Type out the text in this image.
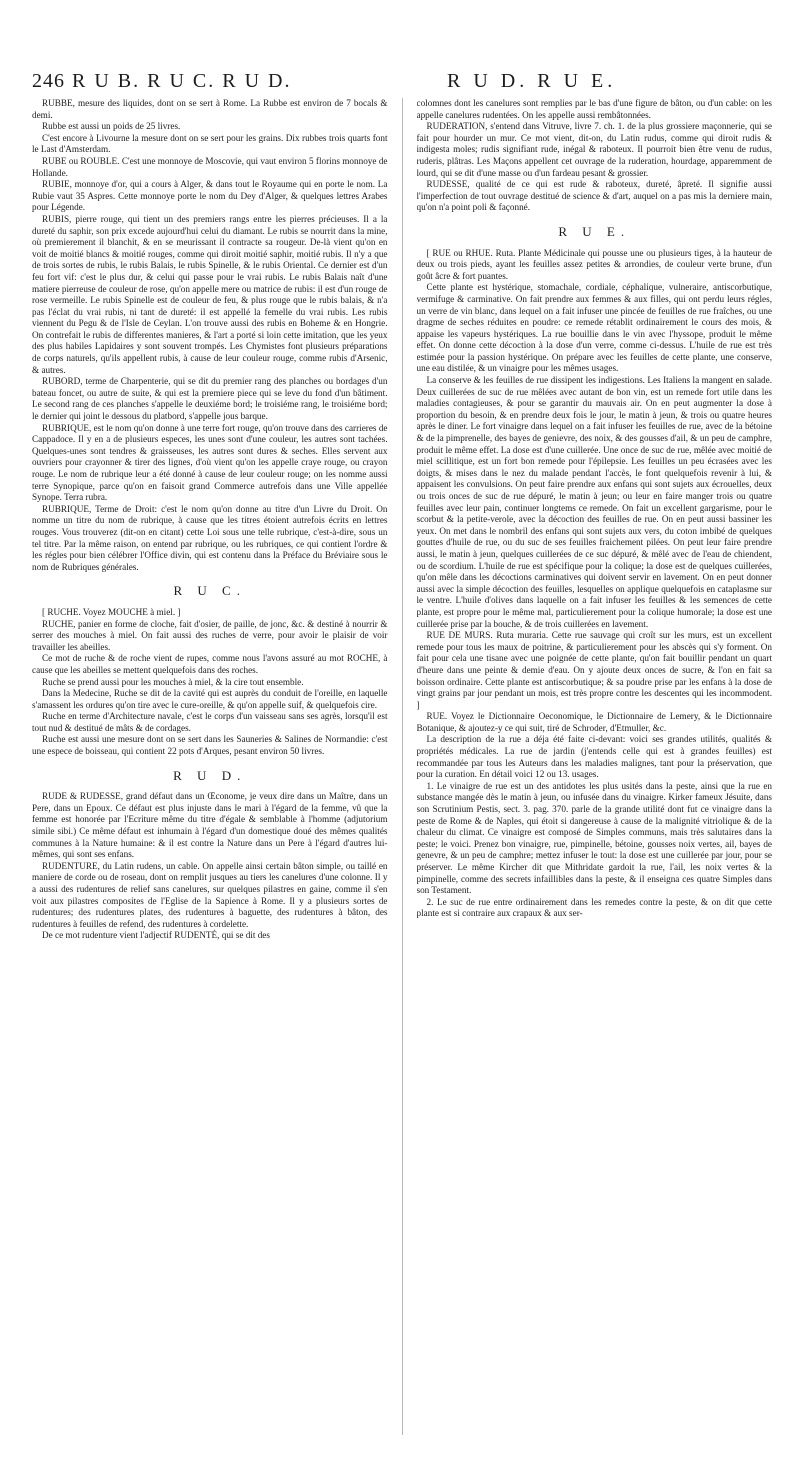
246 R U B. R U C. R U D.	R U D. R U E.

RUBBE, mesure des liquides, dont on se sert à Rome. La Rubbe est environ de 7 bocals & demi.

Rubbe est aussi un poids de 25 livres.

C'est encore à Livourne la mesure dont on se sert pour les grains. Dix rubbes trois quarts font le Last d'Amsterdam.

RUBE ou ROUBLE. C'est une monnoye de Moscovie, qui vaut environ 5 florins monnoye de Hollande.

RUBIE, monnoye d'or, qui a cours à Alger, & dans tout le Royaume qui en porte le nom. La Rubie vaut 35 Aspres. Cette monnoye porte le nom du Dey d'Alger, & quelques lettres Arabes pour Légende.

RUBIS, pierre rouge, qui tient un des premiers rangs entre les pierres précieuses. Il a la dureté du saphir, son prix excede aujourd'hui celui du diamant. Le rubis se nourrit dans la mine, où premierement il blanchit, & en se meurissant il contracte sa rougeur. De-là vient qu'on en voit de moitié blancs & moitié rouges, comme qui diroit moitié saphir, moitié rubis. Il n'y a que de trois sortes de rubis, le rubis Balais, le rubis Spinelle, & le rubis Oriental. Ce dernier est d'un feu fort vif: c'est le plus dur, & celui qui passe pour le vrai rubis. Le rubis Balais naît d'une matiere pierreuse de couleur de rose, qu'on appelle mere ou matrice de rubis: il est d'un rouge de rose vermeille. Le rubis Spinelle est de couleur de feu, & plus rouge que le rubis balais, & n'a pas l'éclat du vrai rubis, ni tant de dureté: il est appellé la femelle du vrai rubis. Les rubis viennent du Pegu & de l'Isle de Ceylan. L'on trouve aussi des rubis en Boheme & en Hongrie. On contrefait le rubis de differentes manieres, & l'art a porté si loin cette imitation, que les yeux des plus habiles Lapidaires y sont souvent trompés. Les Chymistes font plusieurs préparations de corps naturels, qu'ils appellent rubis, à cause de leur couleur rouge, comme rubis d'Arsenic, & autres.

RUBORD, terme de Charpenterie, qui se dit du premier rang des planches ou bordages d'un bateau foncet, ou autre de suite, & qui est la premiere piece qui se leve du fond d'un bâtiment. Le second rang de ces planches s'appelle le deuxiéme bord; le troisiéme rang, le troisiéme bord; le dernier qui joint le dessous du platbord, s'appelle jous barque.

RUBRIQUE, est le nom qu'on donne à une terre fort rouge, qu'on trouve dans des carrieres de Cappadoce. Il y en a de plusieurs especes, les unes sont d'une couleur, les autres sont tachées. Quelques-unes sont tendres & graisseuses, les autres sont dures & seches. Elles servent aux ouvriers pour crayonner & tirer des lignes, d'où vient qu'on les appelle craye rouge, ou crayon rouge. Le nom de rubrique leur a été donné à cause de leur couleur rouge; on les nomme aussi terre Synopique, parce qu'on en faisoit grand Commerce autrefois dans une Ville appellée Synope. Terra rubra.

RUBRIQUE, Terme de Droit: c'est le nom qu'on donne au titre d'un Livre du Droit. On nomme un titre du nom de rubrique, à cause que les titres étoient autrefois écrits en lettres rouges. Vous trouverez (dit-on en citant) cette Loi sous une telle rubrique, c'est-à-dire, sous un tel titre. Par la même raison, on entend par rubrique, ou les rubriques, ce qui contient l'ordre & les régles pour bien célébrer l'Office divin, qui est contenu dans la Préface du Bréviaire sous le nom de Rubriques générales.

R U C.

[ RUCHE. Voyez MOUCHE à miel. ]

RUCHE, panier en forme de cloche, fait d'osier, de paille, de jonc, &c. & destiné à nourrir & serrer des mouches à miel. On fait aussi des ruches de verre, pour avoir le plaisir de voir travailler les abeilles.

Ce mot de ruche & de roche vient de rupes, comme nous l'avons assuré au mot ROCHE, à cause que les abeilles se mettent quelquefois dans des roches.

Ruche se prend aussi pour les mouches à miel, & la cire tout ensemble.

Dans la Medecine, Ruche se dit de la cavité qui est auprès du conduit de l'oreille, en laquelle s'amassent les ordures qu'on tire avec le cure-oreille, & qu'on appelle suif, & quelquefois cire.

Ruche en terme d'Architecture navale, c'est le corps d'un vaisseau sans ses agrès, lorsqu'il est tout nud & destitué de mâts & de cordages.

Ruche est aussi une mesure dont on se sert dans les Sauneries & Salines de Normandie: c'est une espece de boisseau, qui contient 22 pots d'Arques, pesant environ 50 livres.

R U D.

RUDE & RUDESSE, grand défaut dans un Œconome, je veux dire dans un Maître, dans un Pere, dans un Epoux. Ce défaut est plus injuste dans le mari à l'égard de la femme, vû que la femme est honorée par l'Ecriture même du titre d'égale & semblable à l'homme (adjutorium simile sibi.) Ce même défaut est inhumain à l'égard d'un domestique doué des mêmes qualités communes à la Nature humaine: & il est contre la Nature dans un Pere à l'égard d'autres lui-mêmes, qui sont ses enfans.

RUDENTURE, du Latin rudens, un cable. On appelle ainsi certain bâton simple, ou taillé en maniere de corde ou de roseau, dont on remplit jusques au tiers les canelures d'une colonne. Il y a aussi des rudentures de relief sans canelures, sur quelques pilastres en gaine, comme il s'en voit aux pilastres composites de l'Eglise de la Sapience à Rome. Il y a plusieurs sortes de rudentures; des rudentures plates, des rudentures à baguette, des rudentures à bâton, des rudentures à feuilles de refend, des rudentures à cordelette.

De ce mot rudenture vient l'adjectif RUDENTÉ, qui se dit des

colomnes dont les canelures sont remplies par le bas d'une figure de bâton, ou d'un cable: on les appelle canelures rudentées. On les appelle aussi rembâtonnées.

RUDERATION, s'entend dans Vitruve, livre 7. ch. 1. de la plus grossiere maçonnerie, qui se fait pour hourder un mur. Ce mot vient, dit-on, du Latin rudus, comme qui diroit rudis & indigesta moles; rudis signifiant rude, inégal & raboteux. Il pourroit bien être venu de rudus, ruderis, plâtras. Les Maçons appellent cet ouvrage de la ruderation, hourdage, apparemment de lourd, qui se dit d'une masse ou d'un fardeau pesant & grossier.

RUDESSE, qualité de ce qui est rude & raboteux, dureté, âpreté. Il signifie aussi l'imperfection de tout ouvrage destitué de science & d'art, auquel on a pas mis la derniere main, qu'on n'a point poli & façonné.

R U E.

[ RUE ou RHUE. Ruta. Plante Médicinale qui pousse une ou plusieurs tiges, à la hauteur de deux ou trois pieds, ayant les feuilles assez petites & arrondies, de couleur verte brune, d'un goût âcre & fort puantes.

Cette plante est hystérique, stomachale, cordiale, céphalique, vulneraire, antiscorbutique, vermifuge & carminative. On fait prendre aux femmes & aux filles, qui ont perdu leurs régles, un verre de vin blanc, dans lequel on a fait infuser une pincée de feuilles de rue fraîches, ou une dragme de seches réduites en poudre: ce remede rétablit ordinairement le cours des mois, & appaise les vapeurs hystériques. La rue bouillie dans le vin avec l'hyssope, produit le même effet. On donne cette décoction à la dose d'un verre, comme ci-dessus. L'huile de rue est très estimée pour la passion hystérique. On prépare avec les feuilles de cette plante, une conserve, une eau distilée, & un vinaigre pour les mêmes usages.

La conserve & les feuilles de rue dissipent les indigestions. Les Italiens la mangent en salade. Deux cuillerées de suc de rue mêlées avec autant de bon vin, est un remede fort utile dans les maladies contagieuses, & pour se garantir du mauvais air. On en peut augmenter la dose à proportion du besoin, & en prendre deux fois le jour, le matin à jeun, & trois ou quatre heures après le diner. Le fort vinaigre dans lequel on a fait infuser les feuilles de rue, avec de la bétoine & de la pimprenelle, des bayes de genievre, des noix, & des gousses d'ail, & un peu de camphre, produit le même effet. La dose est d'une cuillerée. Une once de suc de rue, mêlée avec moitié de miel scillitique, est un fort bon remede pour l'épilepsie. Les feuilles un peu écrasées avec les doigts, & mises dans le nez du malade pendant l'accès, le font quelquefois revenir à lui, & appaisent les convulsions. On peut faire prendre aux enfans qui sont sujets aux écrouelles, deux ou trois onces de suc de rue dépuré, le matin à jeun; ou leur en faire manger trois ou quatre feuilles avec leur pain, continuer longtems ce remede. On fait un excellent gargarisme, pour le scorbut & la petite-verole, avec la décoction des feuilles de rue. On en peut aussi bassiner les yeux. On met dans le nombril des enfans qui sont sujets aux vers, du coton imbibé de quelques gouttes d'huile de rue, ou du suc de ses feuilles fraichement pilées. On peut leur faire prendre aussi, le matin à jeun, quelques cuillerées de ce suc dépuré, & mêlé avec de l'eau de chiendent, ou de scordium. L'huile de rue est spécifique pour la colique; la dose est de quelques cuillerées, qu'on mêle dans les décoctions carminatives qui doivent servir en lavement. On en peut donner aussi avec la simple décoction des feuilles, lesquelles on applique quelquefois en cataplasme sur le ventre. L'huile d'olives dans laquelle on a fait infuser les feuilles & les semences de cette plante, est propre pour le même mal, particulierement pour la colique humorale; la dose est une cuillerée prise par la bouche, & de trois cuillerées en lavement.

RUE DE MURS. Ruta muraria. Cette rue sauvage qui croît sur les murs, est un excellent remede pour tous les maux de poitrine, & particulierement pour les abscès qui s'y forment. On fait pour cela une tisane avec une poignée de cette plante, qu'on fait bouillir pendant un quart d'heure dans une peinte & demie d'eau. On y ajoute deux onces de sucre, & l'on en fait sa boisson ordinaire. Cette plante est antiscorbutique; & sa poudre prise par les enfans à la dose de vingt grains par jour pendant un mois, est très propre contre les descentes qui les incommodent. ]

RUE. Voyez le Dictionnaire Oeconomique, le Dictionnaire de Lemery, & le Dictionnaire Botanique, & ajoutez-y ce qui suit, tiré de Schroder, d'Etmuller, &c.

La description de la rue a déja été faite ci-devant: voici ses grandes utilités, qualités & propriétés médicales. La rue de jardin (j'entends celle qui est à grandes feuilles) est recommandée par tous les Auteurs dans les maladies malignes, tant pour la préservation, que pour la curation. En détail voici 12 ou 13. usages.

1. Le vinaigre de rue est un des antidotes les plus usités dans la peste, ainsi que la rue en substance mangée dès le matin à jeun, ou infusée dans du vinaigre. Kirker fameux Jésuite, dans son Scrutinium Pestis, sect. 3. pag. 370. parle de la grande utilité dont fut ce vinaigre dans la peste de Rome & de Naples, qui étoit si dangereuse à cause de la malignité vitriolique & de la chaleur du climat. Ce vinaigre est composé de Simples communs, mais très salutaires dans la peste; le voici. Prenez bon vinaigre, rue, pimpinelle, bétoine, gousses noix vertes, ail, bayes de genevre, & un peu de camphre; mettez infuser le tout: la dose est une cuillerée par jour, pour se préserver. Le même Kircher dit que Mithridate gardoit la rue, l'ail, les noix vertes & la pimpinelle, comme des secrets infaillibles dans la peste, & il enseigna ces quatre Simples dans son Testament.

2. Le suc de rue entre ordinairement dans les remedes contre la peste, & on dit que cette plante est si contraire aux crapaux & aux ser-
